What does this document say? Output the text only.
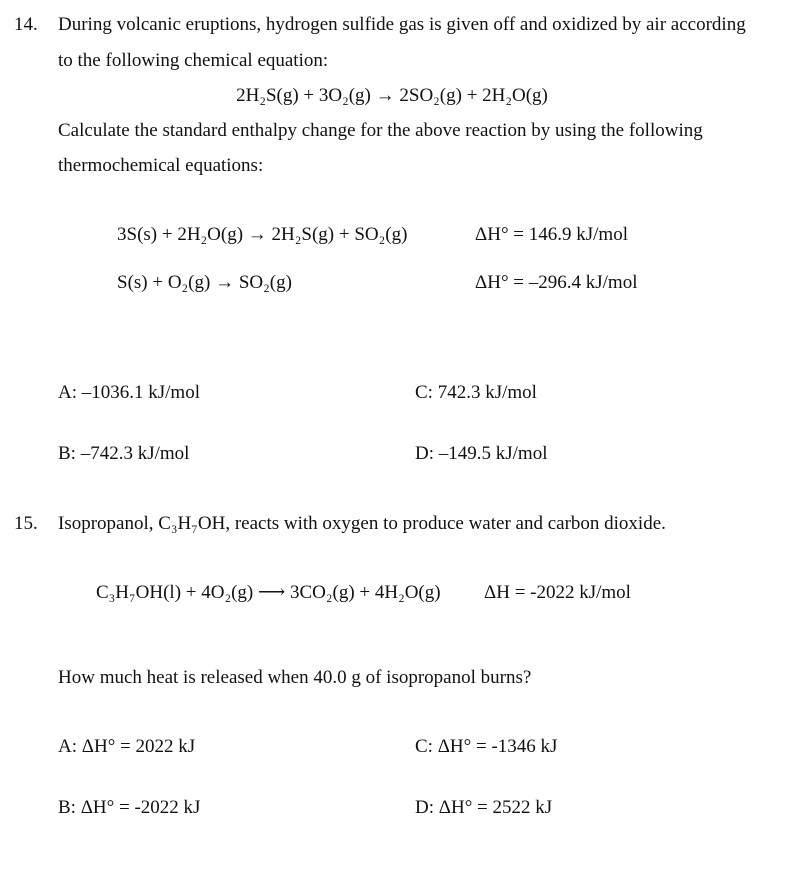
14. During volcanic eruptions, hydrogen sulfide gas is given off and oxidized by air according
to the following chemical equation:
2H₂S(g) + 3O₂(g) → 2SO₂(g) + 2H₂O(g)
Calculate the standard enthalpy change for the above reaction by using the following
thermochemical equations:
3S(s) + 2H₂O(g) → 2H₂S(g) + SO₂(g)	ΔH° = 146.9 kJ/mol
S(s) + O₂(g) → SO₂(g)	ΔH° = –296.4 kJ/mol
A: –1036.1 kJ/mol	C: 742.3 kJ/mol
B: –742.3 kJ/mol	D: –149.5 kJ/mol
15. Isopropanol, C₃H₇OH, reacts with oxygen to produce water and carbon dioxide.
C₃H₇OH(l) + 4O₂(g) ⟶ 3CO₂(g) + 4H₂O(g) ΔH = -2022 kJ/mol
How much heat is released when 40.0 g of isopropanol burns?
A: ΔH° = 2022 kJ	C: ΔH° = -1346 kJ
B: ΔH° = -2022 kJ	D: ΔH° = 2522 kJ
